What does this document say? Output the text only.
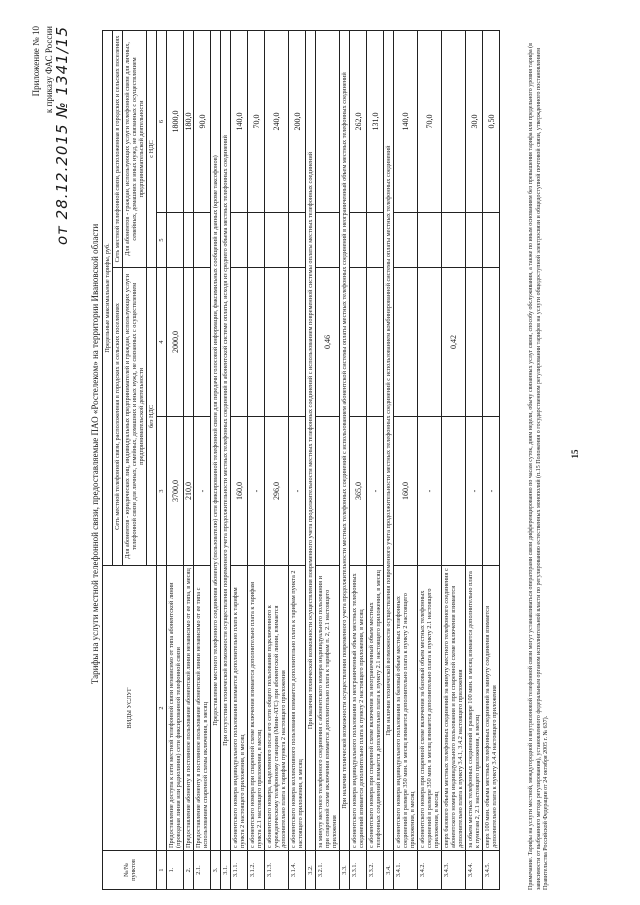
Приложение № 10 к приказу ФАС России от 28.12.2015 № 1341/15
Тарифы на услуги местной телефонной связи, предоставляемые ПАО «Ростелеком» на территории Ивановской области
№/№ пунктов	ВИДЫ УСЛУГ	Предельные максимальные тарифы, руб.			
		Сеть местной телефонной связи, расположенная в городских и сельских поселениях		Сеть местной телефонной связи, расположенная в городских и сельских поселениях	
		Для абонентов - юридических лиц, индивидуальных предпринимателей и граждан, использующих услуги телефонной связи для личных, семейных, домашних и иных нужд, не связанных с осуществлением предпринимательской деятельности		Для абонентов - граждан, использующих услуги телефонной связи для личных, семейных, домашних и иных нужд, не связанных с осуществлением предпринимательской деятельности	
		без НДС		с НДС	
1	2	3	4	5	6
1.	Предоставление доступа к сети местной телефонной связи независимо от типа абонентской линии (проводная линия или радиолиния) сети фиксированной телефонной связи	3700,0	2000,0		1800,0
2.	Предоставление абоненту в постоянное пользование абонентской линии независимо от ее типа, в месяц	210,0			180,0
2.1.	Предоставление абоненту в постоянное пользование абонентской линии независимо от ее типа с использованием спаренной схемы включения, в месяц	-			90,0
3.	Предоставление местного телефонного соединения абоненту (пользователю) сети фиксированной телефонной связи для передачи голосовой информации, факсимильных сообщений и данных (кроме таксофонов)				
3.1.	При отсутствии технической возможности осуществления повременного учета продолжительности местных телефонных соединений в абонентской системе оплаты, исходя из среднего объема местных телефонных соединений				
3.1.1.	с абонентского номера индивидуального пользования взимается дополнительно плата к тарифам пункта 2 настоящего приложения, в месяц	160,0			140,0
3.1.2.	с абонентского номера при спаренной схеме включения взимается дополнительно плата к тарифам пункта 2.1 настоящего приложения, в месяц	-			70,0
3.1.3.	с абонентского номера, выделенного после его сети общего пользования подключенного к учрежденческому телефонному станциям (Мини-АТС) при абонентской линии, взимается дополнительно плата к тарифам пункта 2 настоящего приложения	296,0			240,0
3.1.4.	с абонентского номера коллективного пользования взимается дополнительно плата к тарифам пункта 2 настоящего приложения, в месяц	-			200,0
3.2.	При наличии технической возможности осуществления повременного учета продолжительности местных телефонных соединений с использованием повременной системы оплаты местных телефонных соединений				
3.2.1.	за минуту местного телефонного соединения с абонентского номера индивидуального пользования и при спаренной схеме включения взимается дополнительно плата к тарифам п. 2, 2.1 настоящего приложения		0,46		
3.3.	При наличии технической возможности осуществления повременного учета продолжительности местных телефонных соединений с использованием абонентской системы оплаты местных телефонных соединений в неограниченный объем местных телефонных соединений				
3.3.1.	с абонентского номера индивидуального пользования за неограниченный объем местных телефонных соединений взимается дополнительно плата к пункту 2 настоящего приложения, в месяц	365,0			262,0
3.3.2.	с абонентского номера при спаренной схеме включения за неограниченный объем местных телефонных соединений взимается дополнительно плата к пункту 2.1 настоящего приложения, в месяц	-			131,0
3.4.	При наличии технической возможности осуществления повременного учета продолжительности местных телефонных соединений с использованием комбинированной системы оплаты местных телефонных соединений				
3.4.1.	с абонентского номера индивидуального пользования за базовый объем местных телефонных соединений в размере 350 мин. в месяц взимается дополнительно плата к пункту 2 настоящего приложения, в месяц	160,0			140,0
3.4.2.	с абонентского номера при спаренной схеме включения за базовый объем местных телефонных соединений в размере 350 мин. в месяц взимается дополнительно плата к пункту 2.1 настоящего приложения, в месяц	-			70,0
3.4.3.	сверх базового объема местных телефонных соединений за минуту местного телефонного соединения с абонентского номера индивидуального пользования и при спаренной схеме включения взимается дополнительно плата к пункту 3.4.1, 3.4.2 настоящего приложения		0,42		
3.4.4.	за объем местных телефонных соединений в размере 100 мин. в месяц взимается дополнительно плата к пунктам 2, 2.1 настоящего приложения, в месяц	-			30,0
3.4.5.	сверх 100 мин. объема местных телефонных соединений за минуту соединения взимается дополнительно плата к пункту 3.4.4 настоящего приложения	-			0,50
Примечание. Тарифы на услуги местной, междугородной и внутризоновой телефонной связи могут устанавливаться операторами связи дифференцированно по часам суток, дням недели, обычу связанных услуг связи, способу обслуживания, а также по иным основаниям без превышения тарифа или предельного уровня тарифа (в зависимости от выбранного метода регулирования), установленного федеральным органом исполнительной власти по регулированию естественных монополий (п.15 Положения о государственном регулировании тарифов на услуги общедоступной электросвязи и общедоступной почтовой связи, утвержденного постановлением Правительства Российской Федерации от 24 октября 2005 г. № 637).
15
